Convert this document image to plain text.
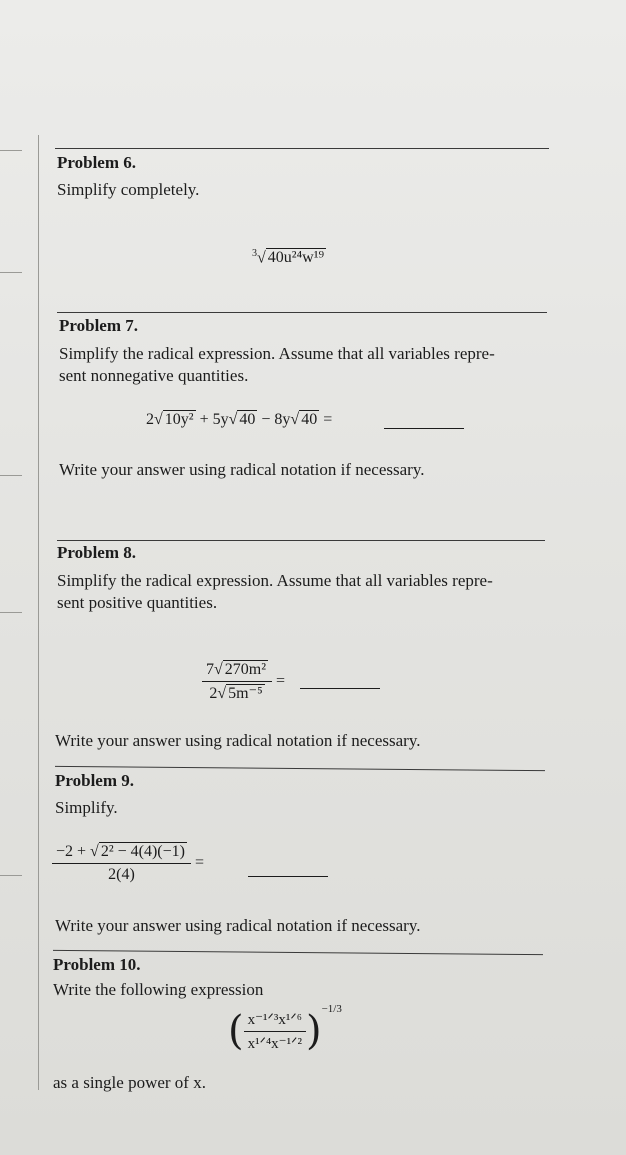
Problem 6.
Simplify completely.
$^3$√ 40u²⁴w¹⁹
Problem 7.
Simplify the radical expression. Assume that all variables repre-
sent nonnegative quantities.
2√ 10y² + 5y√ 40 − 8y√ 40 =
Write your answer using radical notation if necessary.
Problem 8.
Simplify the radical expression. Assume that all variables repre-
sent positive quantities.
$\frac{\text{7√ 270m²}}{\text{2√ 5m⁻⁵}}$ =
Write your answer using radical notation if necessary.
Problem 9.
Simplify.
$\frac{\text{−2 + √ 2² − 4(4)(−1)}}{2(4)}$ =
Write your answer using radical notation if necessary.
Problem 10.
Write the following expression
( $\frac{\text{x⁻¹ᐟ³x¹ᐟ⁶}}{\text{x¹ᐟ⁴x⁻¹ᐟ²}} )^{-1/3}$
as a single power of x.
